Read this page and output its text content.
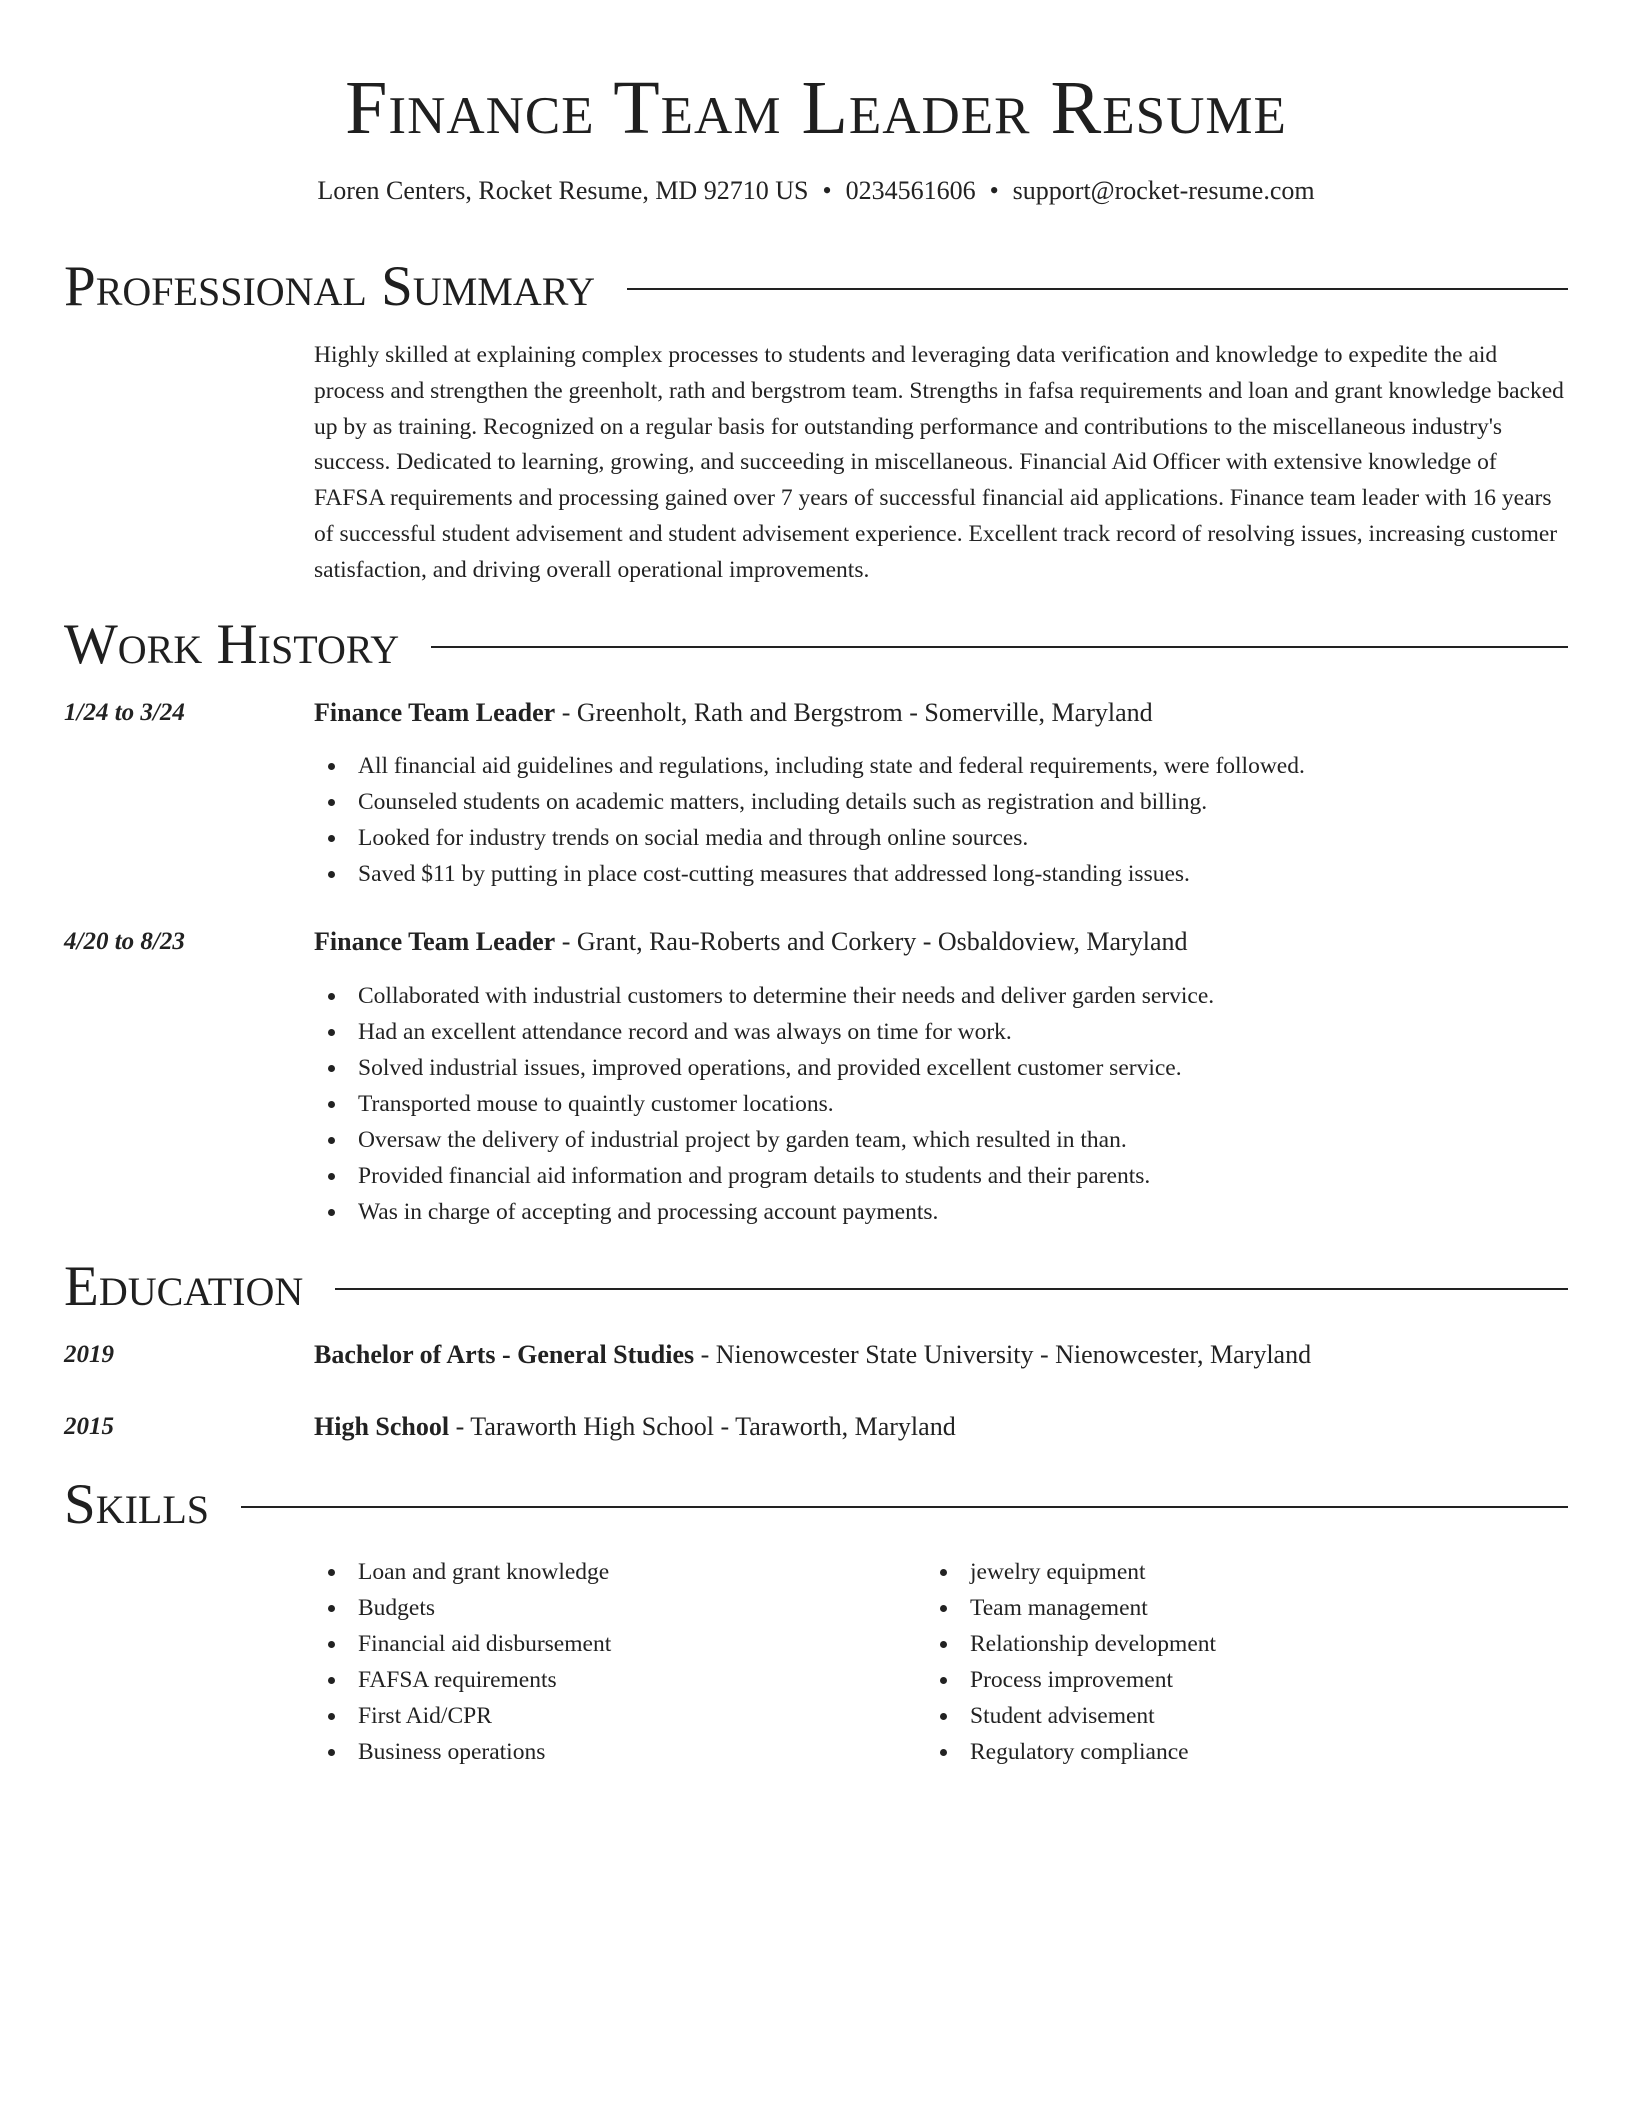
Finance Team Leader Resume
Loren Centers, Rocket Resume, MD 92710 US • 0234561606 • support@rocket-resume.com
Professional Summary
Highly skilled at explaining complex processes to students and leveraging data verification and knowledge to expedite the aid process and strengthen the greenholt, rath and bergstrom team. Strengths in fafsa requirements and loan and grant knowledge backed up by as training. Recognized on a regular basis for outstanding performance and contributions to the miscellaneous industry's success. Dedicated to learning, growing, and succeeding in miscellaneous. Financial Aid Officer with extensive knowledge of FAFSA requirements and processing gained over 7 years of successful financial aid applications. Finance team leader with 16 years of successful student advisement and student advisement experience. Excellent track record of resolving issues, increasing customer satisfaction, and driving overall operational improvements.
Work History
1/24 to 3/24	Finance Team Leader - Greenholt, Rath and Bergstrom - Somerville, Maryland
All financial aid guidelines and regulations, including state and federal requirements, were followed.
Counseled students on academic matters, including details such as registration and billing.
Looked for industry trends on social media and through online sources.
Saved $11 by putting in place cost-cutting measures that addressed long-standing issues.
4/20 to 8/23	Finance Team Leader - Grant, Rau-Roberts and Corkery - Osbaldoview, Maryland
Collaborated with industrial customers to determine their needs and deliver garden service.
Had an excellent attendance record and was always on time for work.
Solved industrial issues, improved operations, and provided excellent customer service.
Transported mouse to quaintly customer locations.
Oversaw the delivery of industrial project by garden team, which resulted in than.
Provided financial aid information and program details to students and their parents.
Was in charge of accepting and processing account payments.
Education
2019	Bachelor of Arts - General Studies - Nienowcester State University - Nienowcester, Maryland
2015	High School - Taraworth High School - Taraworth, Maryland
Skills
Loan and grant knowledge
Budgets
Financial aid disbursement
FAFSA requirements
First Aid/CPR
Business operations
jewelry equipment
Team management
Relationship development
Process improvement
Student advisement
Regulatory compliance
